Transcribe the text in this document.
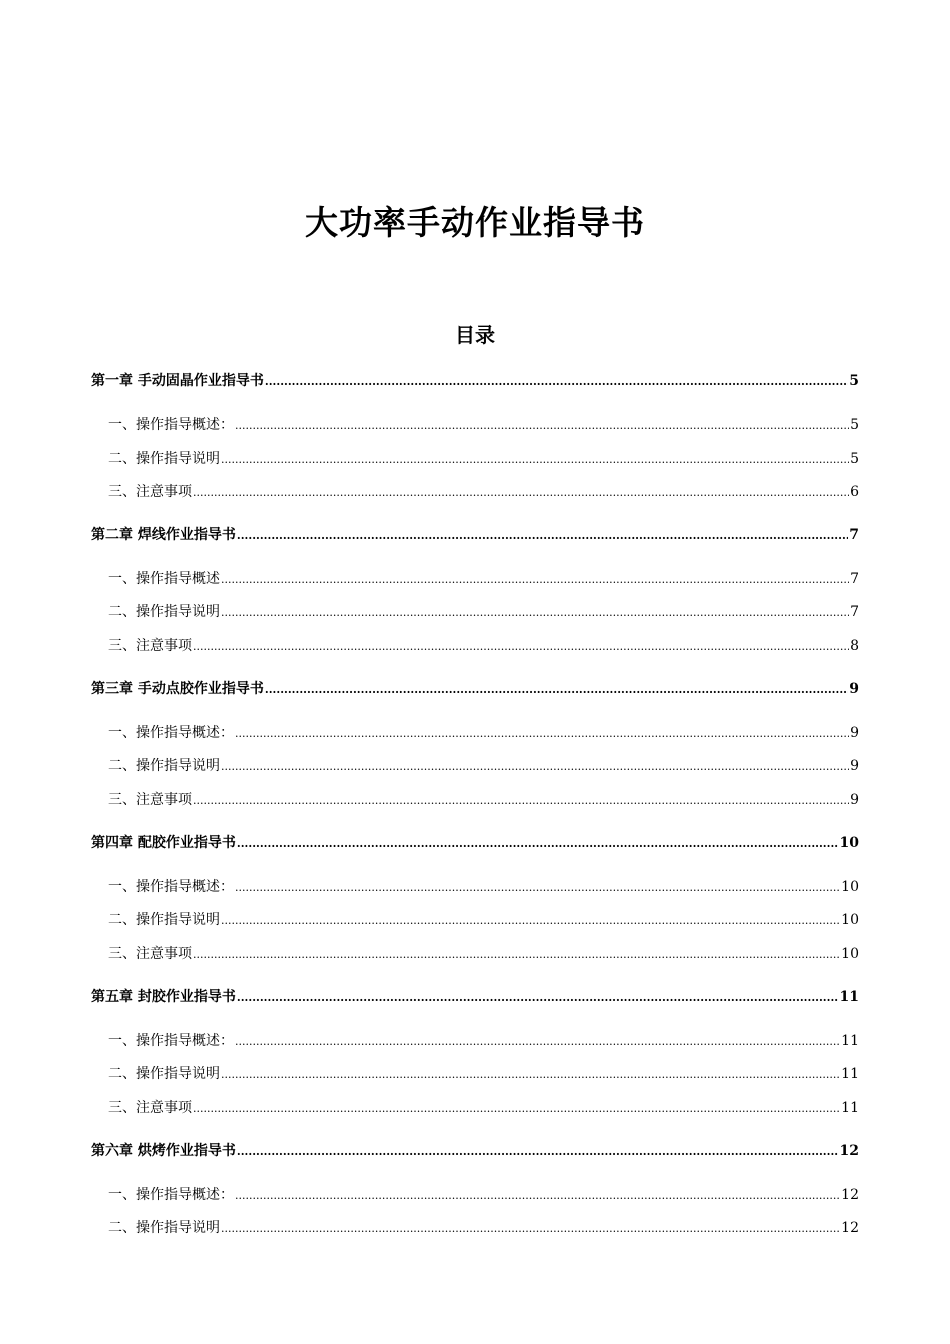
大功率手动作业指导书
目录
第一章 手动固晶作业指导书 .....	5
一、操作指导概述： .....	5
二、操作指导说明 .....	5
三、注意事项 .....	6
第二章 焊线作业指导书 .....	7
一、操作指导概述 .....	7
二、操作指导说明 .....	7
三、注意事项 .....	8
第三章 手动点胶作业指导书 .....	9
一、操作指导概述： .....	9
二、操作指导说明 .....	9
三、注意事项 .....	9
第四章 配胶作业指导书 .....	10
一、操作指导概述： .....	10
二、操作指导说明 .....	10
三、注意事项 .....	10
第五章 封胶作业指导书 .....	11
一、操作指导概述： .....	11
二、操作指导说明 .....	11
三、注意事项 .....	11
第六章 烘烤作业指导书 .....	12
一、操作指导概述： .....	12
二、操作指导说明 .....	12
